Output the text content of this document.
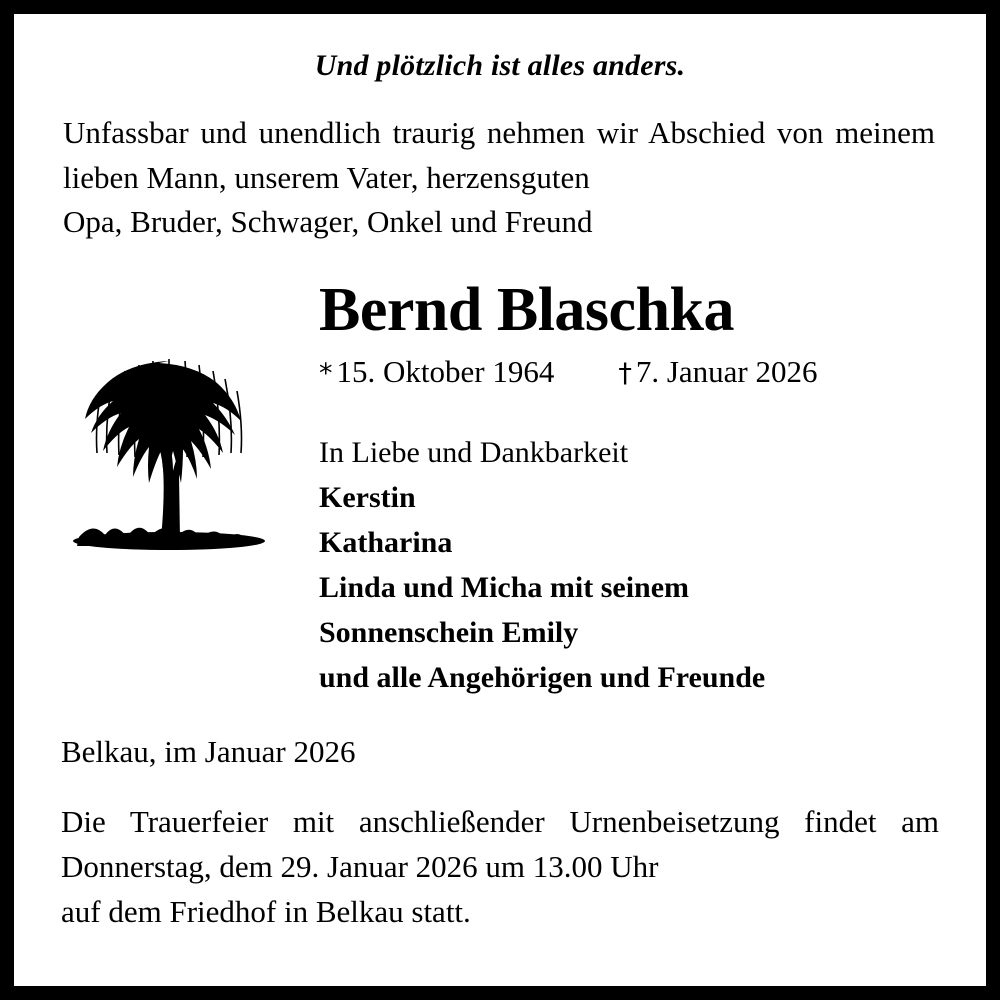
Und plötzlich ist alles anders.
Unfassbar und unendlich traurig nehmen wir Abschied von meinem lieben Mann, unserem Vater, herzensguten
Opa, Bruder, Schwager, Onkel und Freund
Bernd Blaschka
* 15. Oktober 1964 † 7. Januar 2026
In Liebe und Dankbarkeit
Kerstin
Katharina
Linda und Micha mit seinem
Sonnenschein Emily
und alle Angehörigen und Freunde
Belkau, im Januar 2026
Die Trauerfeier mit anschließender Urnenbeisetzung findet am Donnerstag, dem 29. Januar 2026 um 13.00 Uhr
auf dem Friedhof in Belkau statt.
